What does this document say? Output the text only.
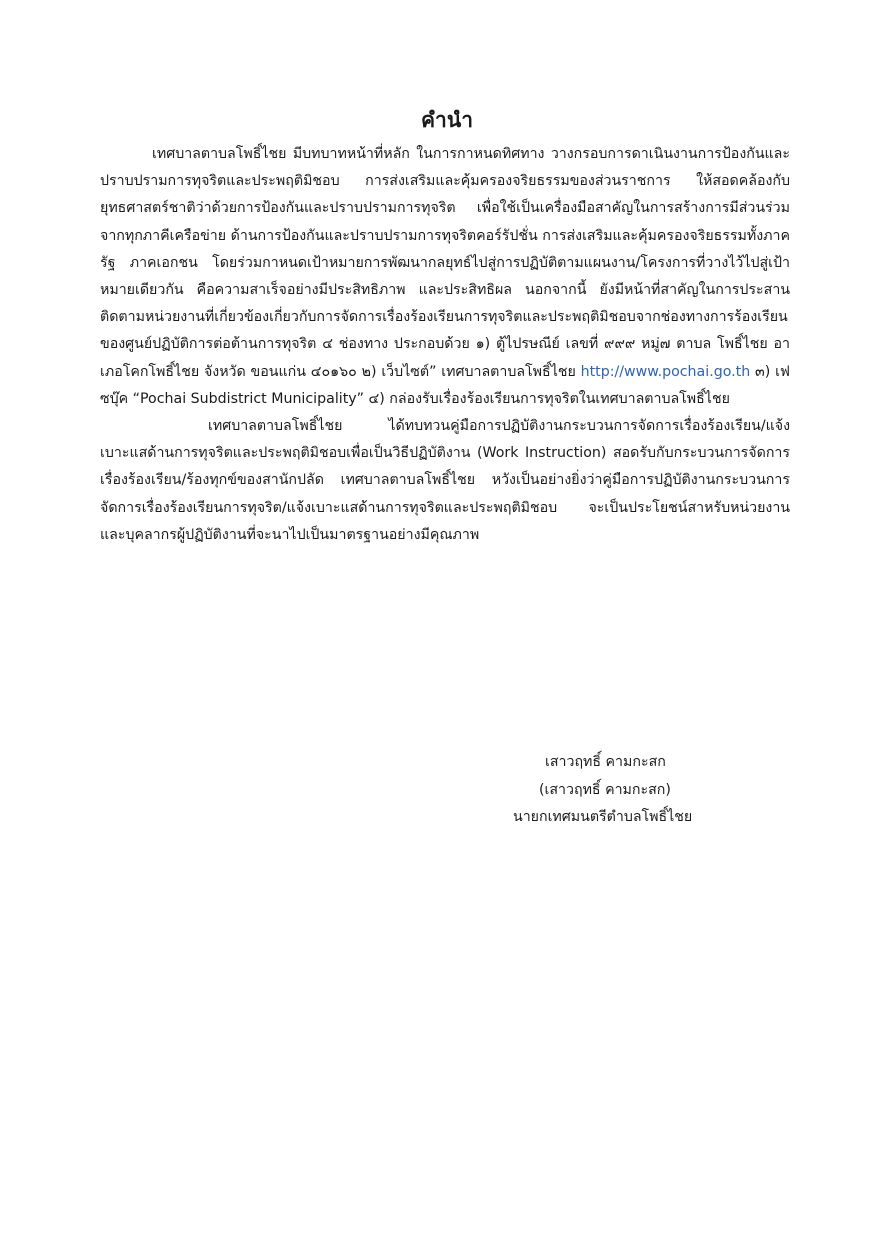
คำนำ

เทศบาลตาบลโพธิ์ไชย มีบทบาทหน้าที่หลัก ในการกาหนดทิศทาง วางกรอบการดาเนินงานการป้องกันและปราบปรามการทุจริตและประพฤติมิชอบ การส่งเสริมและคุ้มครองจริยธรรมของส่วนราชการ ให้สอดคล้องกับยุทธศาสตร์ชาติว่าด้วยการป้องกันและปราบปรามการทุจริต เพื่อใช้เป็นเครื่องมือสาคัญในการสร้างการมีส่วนร่วมจากทุกภาคีเครือข่าย ด้านการป้องกันและปราบปรามการทุจริตคอร์รัปชั่น การส่งเสริมและคุ้มครองจริยธรรมทั้งภาครัฐ ภาคเอกชน โดยร่วมกาหนดเป้าหมายการพัฒนากลยุทธ์ไปสู่การปฏิบัติตามแผนงาน/โครงการที่วางไว้ไปสู่เป้าหมายเดียวกัน คือความสาเร็จอย่างมีประสิทธิภาพ และประสิทธิผล นอกจากนี้ ยังมีหน้าที่สาคัญในการประสาน ติดตามหน่วยงานที่เกี่ยวข้องเกี่ยวกับการจัดการเรื่องร้องเรียนการทุจริตและประพฤติมิชอบจากช่องทางการร้องเรียนของศูนย์ปฏิบัติการต่อต้านการทุจริต ๔ ช่องทาง ประกอบด้วย ๑) ตู้ไปรษณีย์ เลขที่ ๙๙๙ หมู่๗ ตาบล โพธิ์ไชย อาเภอโคกโพธิ์ไชย จังหวัด ขอนแก่น ๔๐๑๖๐ ๒) เว็บไซต์” เทศบาลตาบลโพธิ์ไชย http://www.pochai.go.th ๓) เฟซบุ๊ค “Pochai Subdistrict Municipality” ๔) กล่องรับเรื่องร้องเรียนการทุจริตในเทศบาลตาบลโพธิ์ไชย

เทศบาลตาบลโพธิ์ไชย ได้ทบทวนคู่มือการปฏิบัติงานกระบวนการจัดการเรื่องร้องเรียน/แจ้งเบาะแสด้านการทุจริตและประพฤติมิชอบเพื่อเป็นวิธีปฏิบัติงาน (Work Instruction) สอดรับกับกระบวนการจัดการเรื่องร้องเรียน/ร้องทุกข์ของสานักปลัด เทศบาลตาบลโพธิ์ไชย หวังเป็นอย่างยิ่งว่าคู่มือการปฏิบัติงานกระบวนการจัดการเรื่องร้องเรียนการทุจริต/แจ้งเบาะแสด้านการทุจริตและประพฤติมิชอบ จะเป็นประโยชน์สาหรับหน่วยงาน และบุคลากรผู้ปฏิบัติงานที่จะนาไปเป็นมาตรฐานอย่างมีคุณภาพ

เสาวฤทธิ์ คามกะสก

(เสาวฤทธิ์ คามกะสก)

นายกเทศมนตรีตำบลโพธิ์ไชย
